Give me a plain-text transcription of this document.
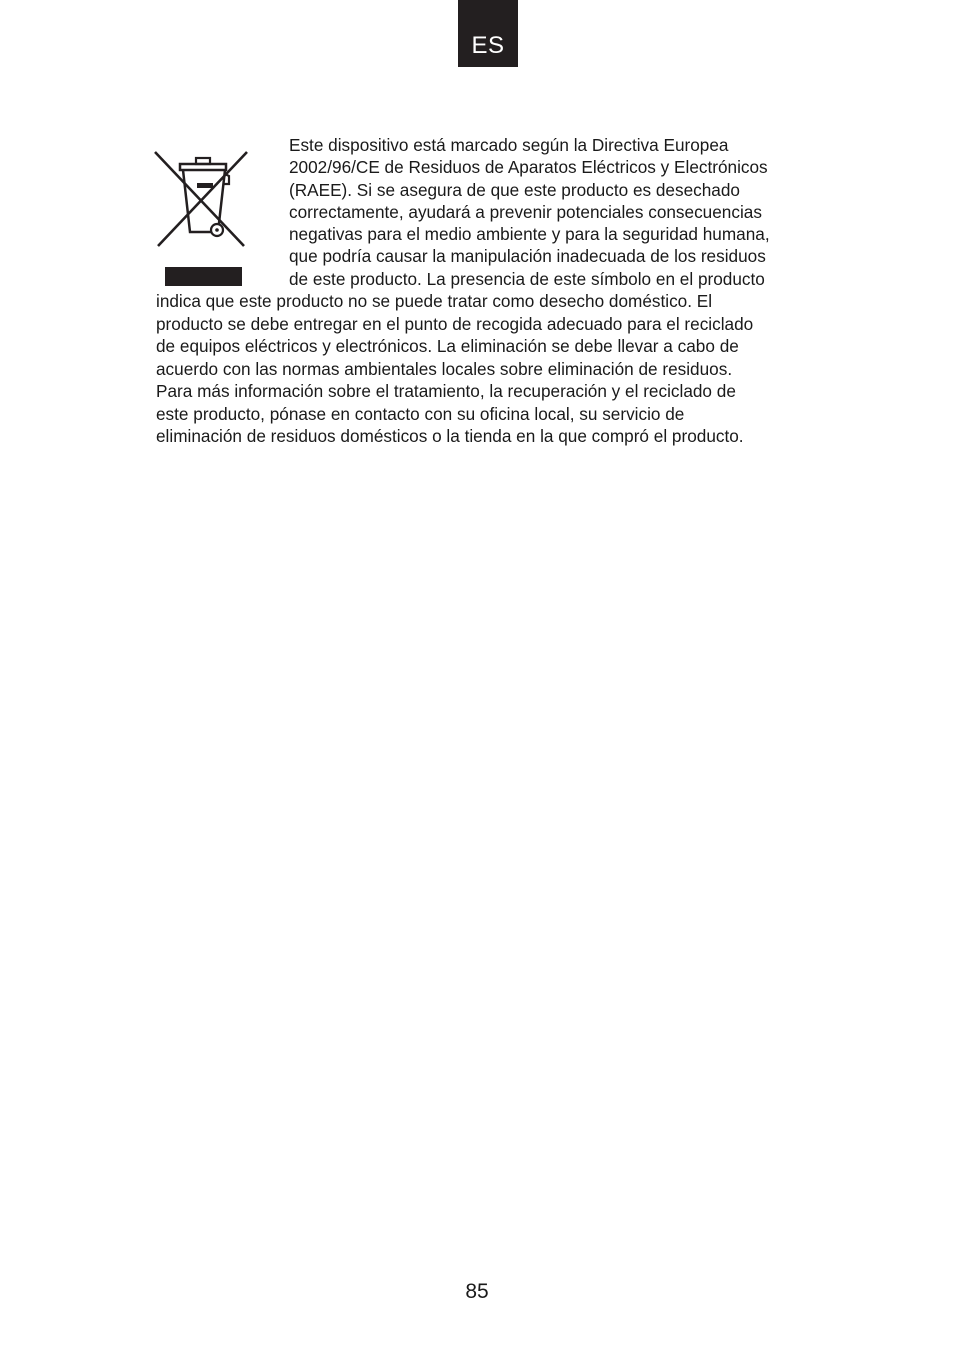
ES
Este dispositivo está marcado según la Directiva Europea
2002/96/CE de Residuos de Aparatos Eléctricos y Electrónicos
(RAEE). Si se asegura de que este producto es desechado
correctamente, ayudará a prevenir potenciales consecuencias
negativas para el medio ambiente y para la seguridad humana,
que podría causar la manipulación inadecuada de los residuos
de este producto. La presencia de este símbolo en el producto
indica que este producto no se puede tratar como desecho doméstico. El
producto se debe entregar en el punto de recogida adecuado para el reciclado
de equipos eléctricos y electrónicos. La eliminación se debe llevar a cabo de
acuerdo con las normas ambientales locales sobre eliminación de residuos.
Para más información sobre el tratamiento, la recuperación y el reciclado de
este producto, pónase en contacto con su oficina local, su servicio de
eliminación de residuos domésticos o la tienda en la que compró el producto.
85
